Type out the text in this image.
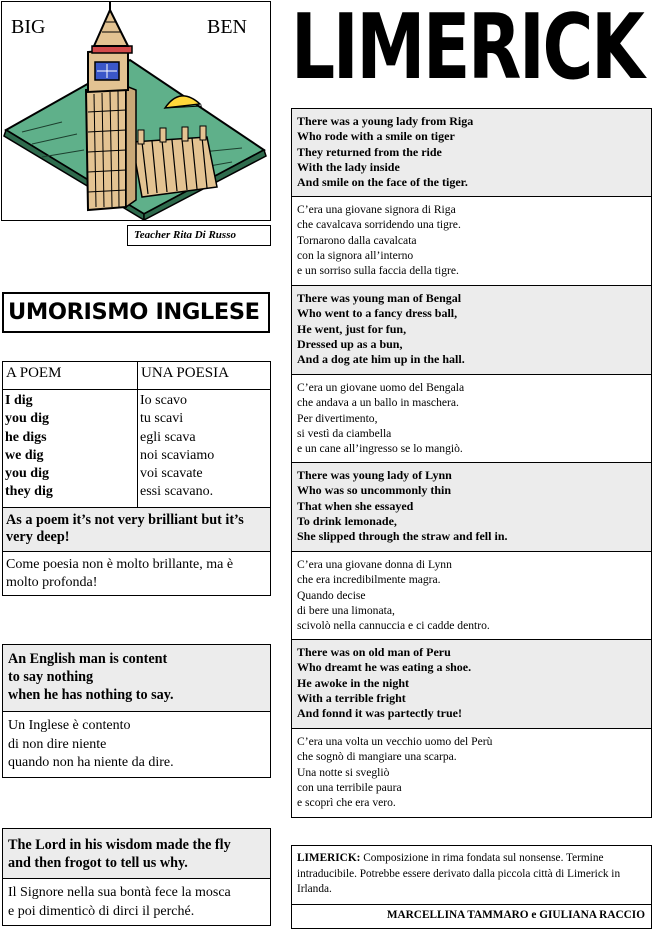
BIG	BEN
Teacher Rita Di Russo
UMORISMO INGLESE
A POEM	UNA POESIA
I dig	Io scavo
you dig	tu scavi
he digs	egli scava
we dig	noi scaviamo
you dig	voi scavate
they dig	essi scavano.
As a poem it’s not very brilliant but it’s very deep!
Come poesia non è molto brillante, ma è molto profonda!
An English man is content
to say nothing
when he has nothing to say.
Un Inglese è contento
di non dire niente
quando non ha niente da dire.
The Lord in his wisdom made the fly
and then frogot to tell us why.
Il Signore nella sua bontà fece la mosca
e poi dimenticò di dirci il perché.
LIMERICK
There was a young lady from Riga
Who rode with a smile on tiger
They returned from the ride
With the lady inside
And smile on the face of the tiger.
C’era una giovane signora di Riga
che cavalcava sorridendo una tigre.
Tornarono dalla cavalcata
con la signora all’interno
e un sorriso sulla faccia della tigre.
There was young man of Bengal
Who went to a fancy dress ball,
He went, just for fun,
Dressed up as a bun,
And a dog ate him up in the hall.
C’era un giovane uomo del Bengala
che andava a un ballo in maschera.
Per divertimento,
si vestì da ciambella
e un cane all’ingresso se lo mangiò.
There was young lady of Lynn
Who was so uncommonly thin
That when she essayed
To drink lemonade,
She slipped through the straw and fell in.
C’era una giovane donna di Lynn
che era incredibilmente magra.
Quando decise
di bere una limonata,
scivolò nella cannuccia e ci cadde dentro.
There was on old man of Peru
Who dreamt he was eating a shoe.
He awoke in the night
With a terrible fright
And fonnd it was partectly true!
C’era una volta un vecchio uomo del Perù
che sognò di mangiare una scarpa.
Una notte si svegliò
con una terribile paura
e scoprì che era vero.
LIMERICK: Composizione in rima fondata sul nonsense. Termine intraducibile. Potrebbe essere derivato dalla piccola città di Limerick in Irlanda.
MARCELLINA TAMMARO e GIULIANA RACCIO
